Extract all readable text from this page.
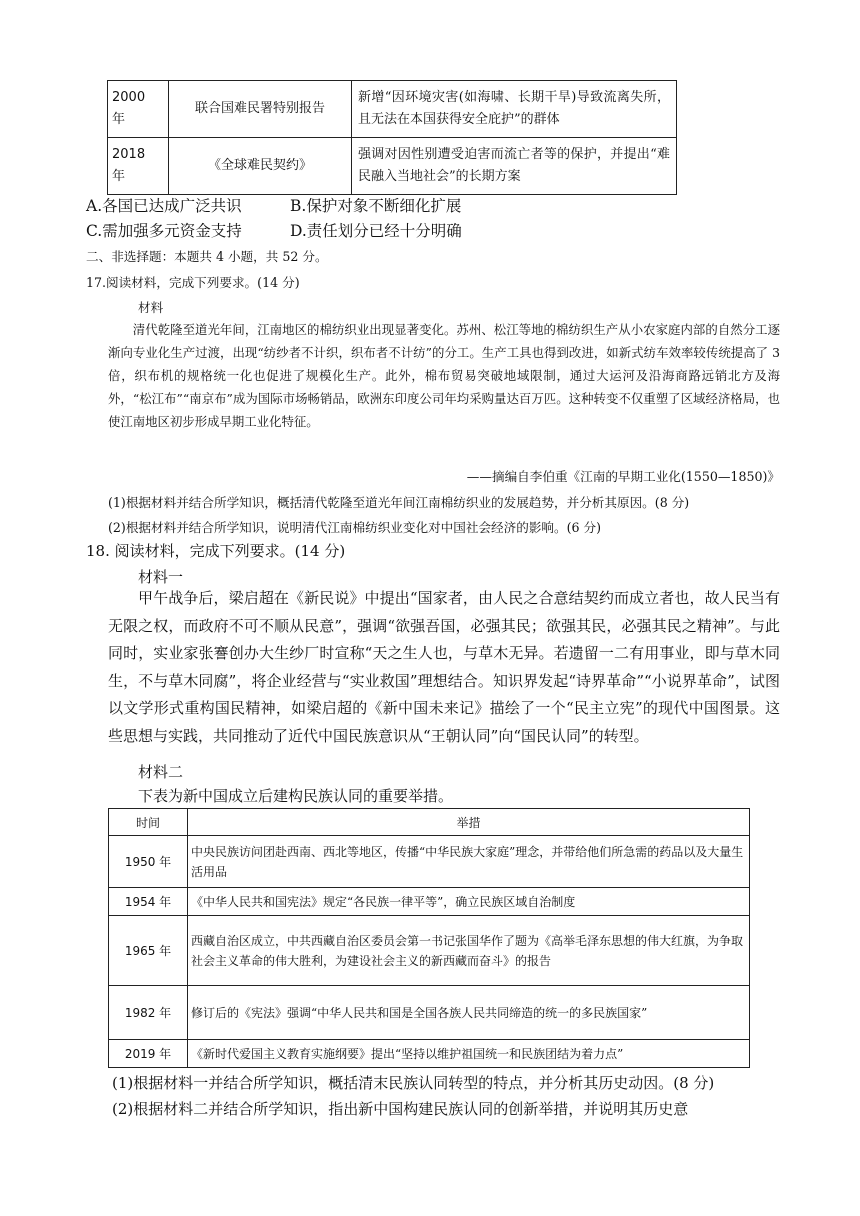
2000 年	联合国难民署特别报告	新增“因环境灾害(如海啸、长期干旱)导致流离失所，且无法在本国获得安全庇护”的群体
2018 年	《全球难民契约》	强调对因性别遭受迫害而流亡者等的保护，并提出“难民融入当地社会”的长期方案
A.各国已达成广泛共识	B.保护对象不断细化扩展
C.需加强多元资金支持	D.责任划分已经十分明确
二、非选择题：本题共 4 小题，共 52 分。
17.阅读材料，完成下列要求。(14 分)
材料
清代乾隆至道光年间，江南地区的棉纺织业出现显著变化。苏州、松江等地的棉纺织生产从小农家庭内部的自然分工逐渐向专业化生产过渡，出现“纺纱者不计织，织布者不计纺”的分工。生产工具也得到改进，如新式纺车效率较传统提高了 3 倍，织布机的规格统一化也促进了规模化生产。此外，棉布贸易突破地域限制，通过大运河及沿海商路远销北方及海外，“松江布”“南京布”成为国际市场畅销品，欧洲东印度公司年均采购量达百万匹。这种转变不仅重塑了区域经济格局，也使江南地区初步形成早期工业化特征。
——摘编自李伯重《江南的早期工业化(1550—1850)》
(1)根据材料并结合所学知识，概括清代乾隆至道光年间江南棉纺织业的发展趋势，并分析其原因。(8 分)
(2)根据材料并结合所学知识，说明清代江南棉纺织业变化对中国社会经济的影响。(6 分)
18. 阅读材料，完成下列要求。(14 分)
材料一
甲午战争后，梁启超在《新民说》中提出“国家者，由人民之合意结契约而成立者也，故人民当有无限之权，而政府不可不顺从民意”，强调“欲强吾国，必强其民；欲强其民，必强其民之精神”。与此同时，实业家张謇创办大生纱厂时宣称“天之生人也，与草木无异。若遗留一二有用事业，即与草木同生，不与草木同腐”，将企业经营与“实业救国”理想结合。知识界发起“诗界革命”“小说界革命”，试图以文学形式重构国民精神，如梁启超的《新中国未来记》描绘了一个“民主立宪”的现代中国图景。这些思想与实践，共同推动了近代中国民族意识从“王朝认同”向“国民认同”的转型。
材料二
下表为新中国成立后建构民族认同的重要举措。
时间	举措
1950 年	中央民族访问团赴西南、西北等地区，传播“中华民族大家庭”理念，并带给他们所急需的药品以及大量生活用品
1954 年	《中华人民共和国宪法》规定“各民族一律平等”，确立民族区域自治制度
1965 年	西藏自治区成立，中共西藏自治区委员会第一书记张国华作了题为《高举毛泽东思想的伟大红旗，为争取社会主义革命的伟大胜利，为建设社会主义的新西藏而奋斗》的报告
1982 年	修订后的《宪法》强调“中华人民共和国是全国各族人民共同缔造的统一的多民族国家”
2019 年	《新时代爱国主义教育实施纲要》提出“坚持以维护祖国统一和民族团结为着力点”
(1)根据材料一并结合所学知识，概括清末民族认同转型的特点，并分析其历史动因。(8 分)
(2)根据材料二并结合所学知识，指出新中国构建民族认同的创新举措，并说明其历史意
